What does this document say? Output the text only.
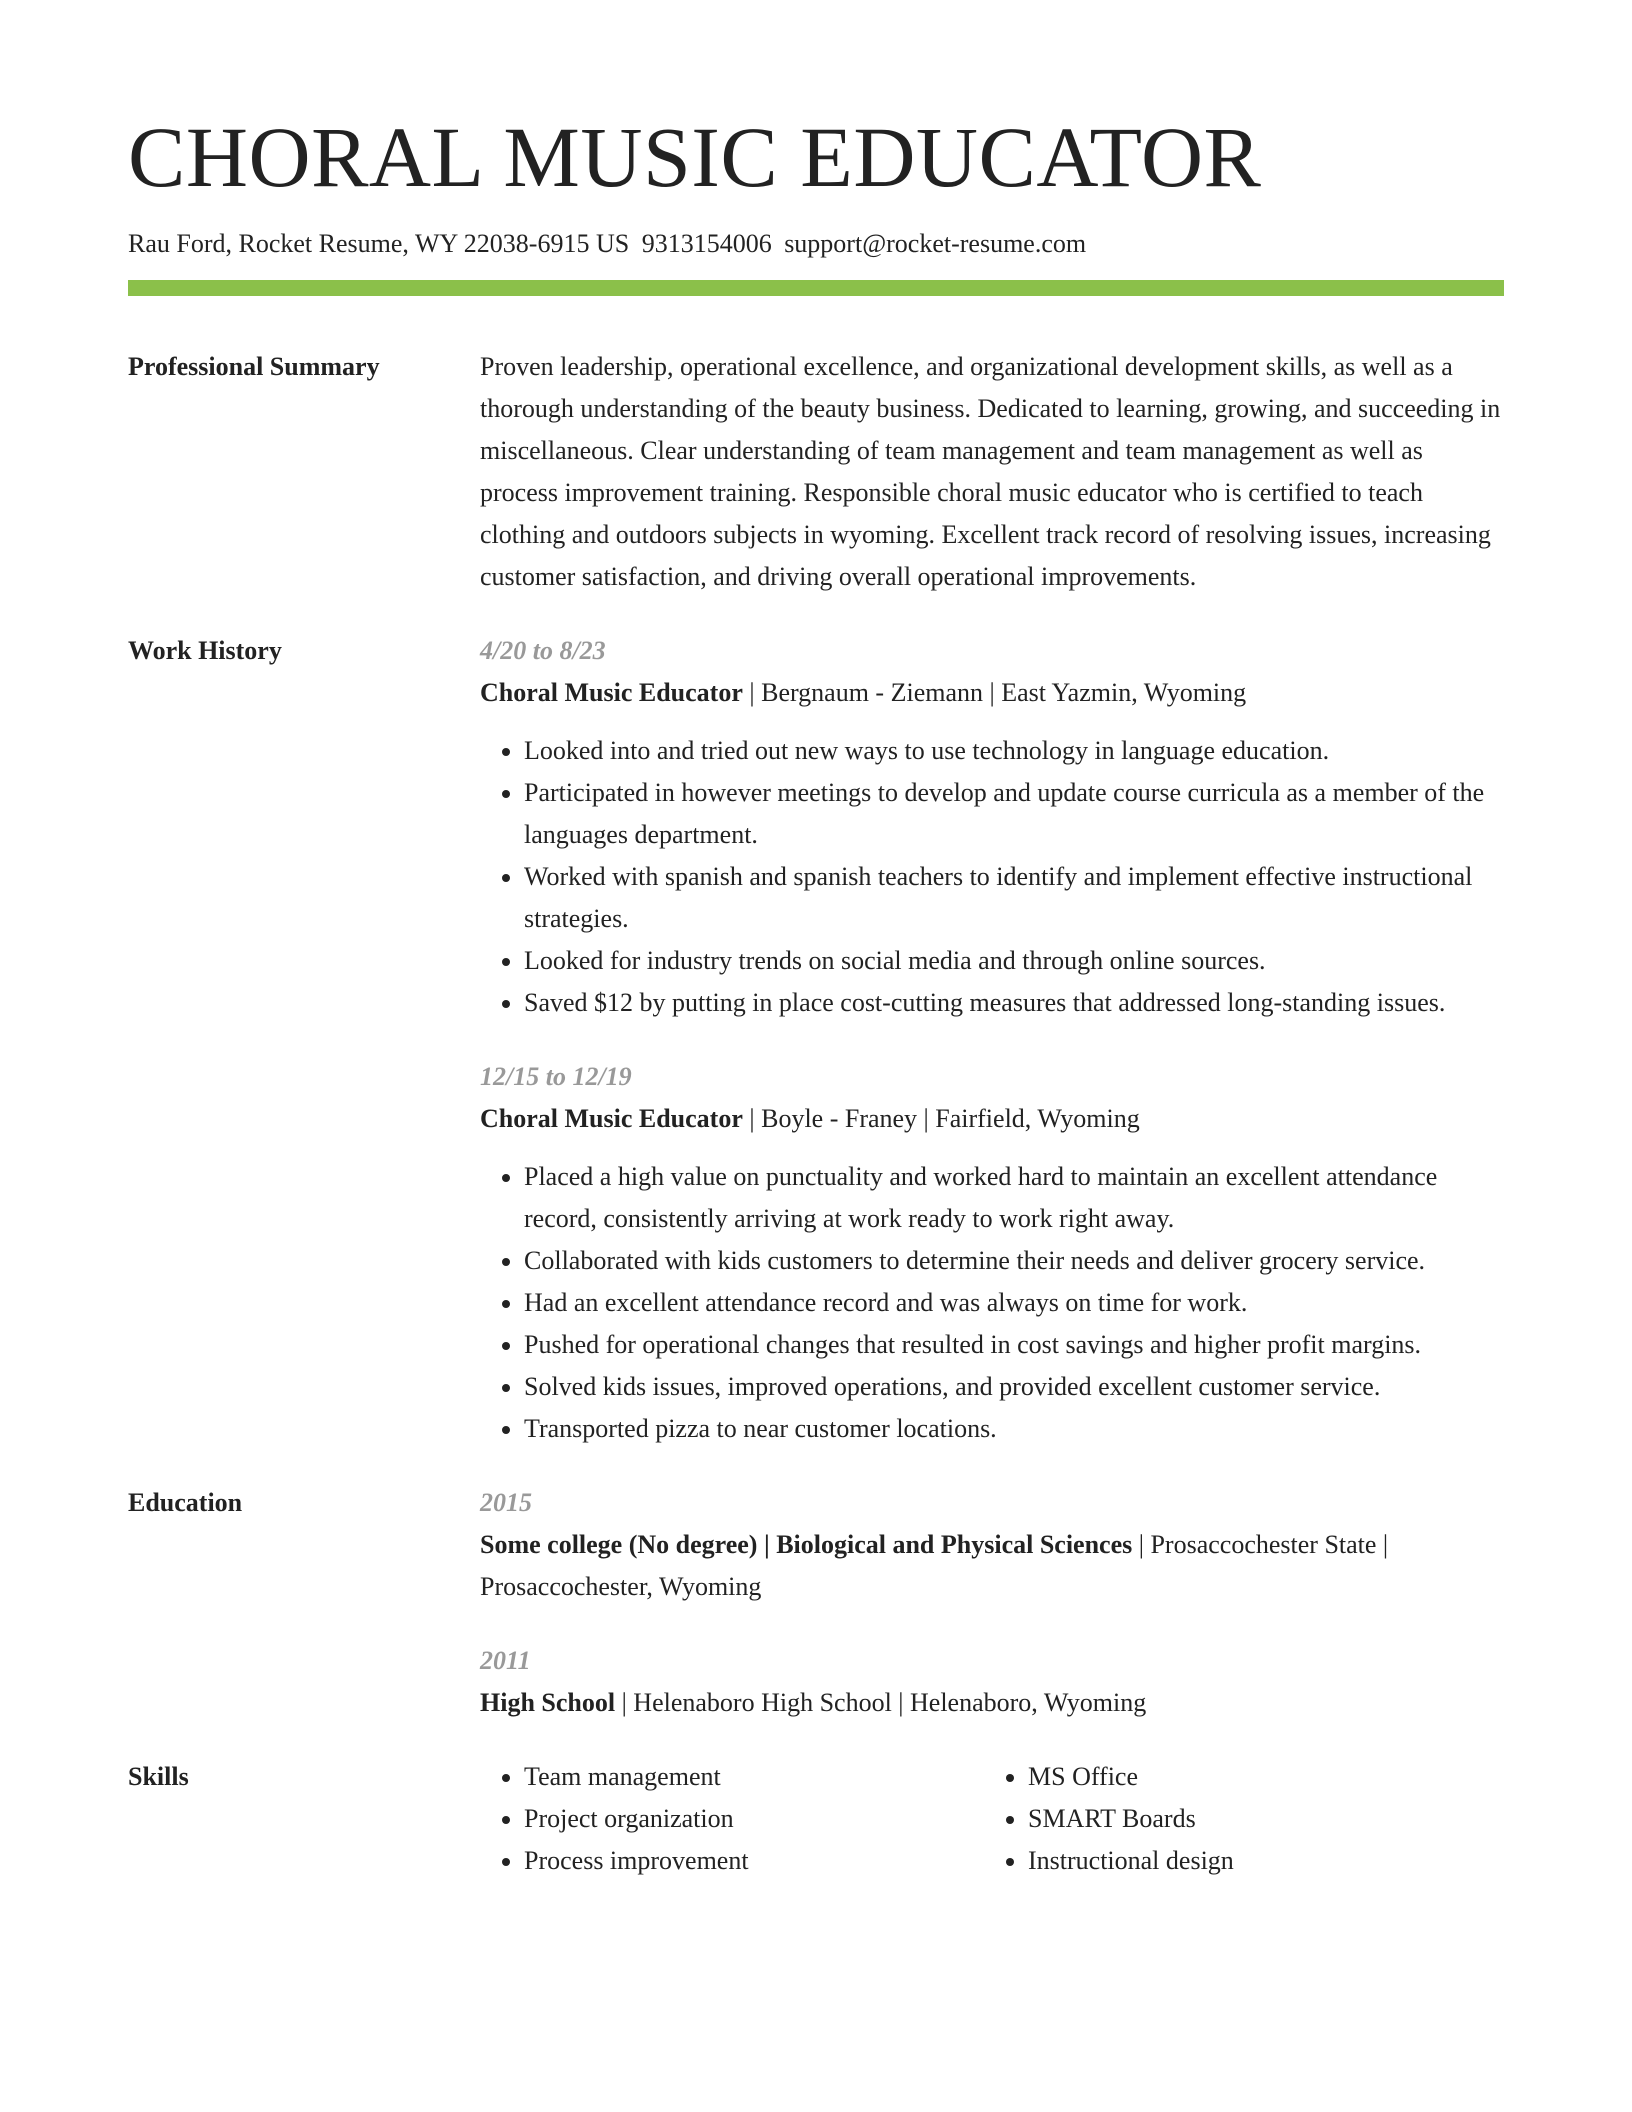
CHORAL MUSIC EDUCATOR
Rau Ford, Rocket Resume, WY 22038-6915 US 9313154006 support@rocket-resume.com
Professional Summary	Proven leadership, operational excellence, and organizational development skills, as well as a thorough understanding of the beauty business. Dedicated to learning, growing, and succeeding in miscellaneous. Clear understanding of team management and team management as well as process improvement training. Responsible choral music educator who is certified to teach clothing and outdoors subjects in wyoming. Excellent track record of resolving issues, increasing customer satisfaction, and driving overall operational improvements.

Work History	4/20 to 8/23
Choral Music Educator | Bergnaum - Ziemann | East Yazmin, Wyoming
• Looked into and tried out new ways to use technology in language education.
• Participated in however meetings to develop and update course curricula as a member of the languages department.
• Worked with spanish and spanish teachers to identify and implement effective instructional strategies.
• Looked for industry trends on social media and through online sources.
• Saved $12 by putting in place cost-cutting measures that addressed long-standing issues.
12/15 to 12/19
Choral Music Educator | Boyle - Franey | Fairfield, Wyoming
• Placed a high value on punctuality and worked hard to maintain an excellent attendance record, consistently arriving at work ready to work right away.
• Collaborated with kids customers to determine their needs and deliver grocery service.
• Had an excellent attendance record and was always on time for work.
• Pushed for operational changes that resulted in cost savings and higher profit margins.
• Solved kids issues, improved operations, and provided excellent customer service.
• Transported pizza to near customer locations.
Education	2015
Some college (No degree) | Biological and Physical Sciences | Prosaccochester State | Prosaccochester, Wyoming
2011
High School | Helenaboro High School | Helenaboro, Wyoming
Skills
•	Team management
• Project organization
• Process improvement
• MS Office
• SMART Boards
• Instructional design
